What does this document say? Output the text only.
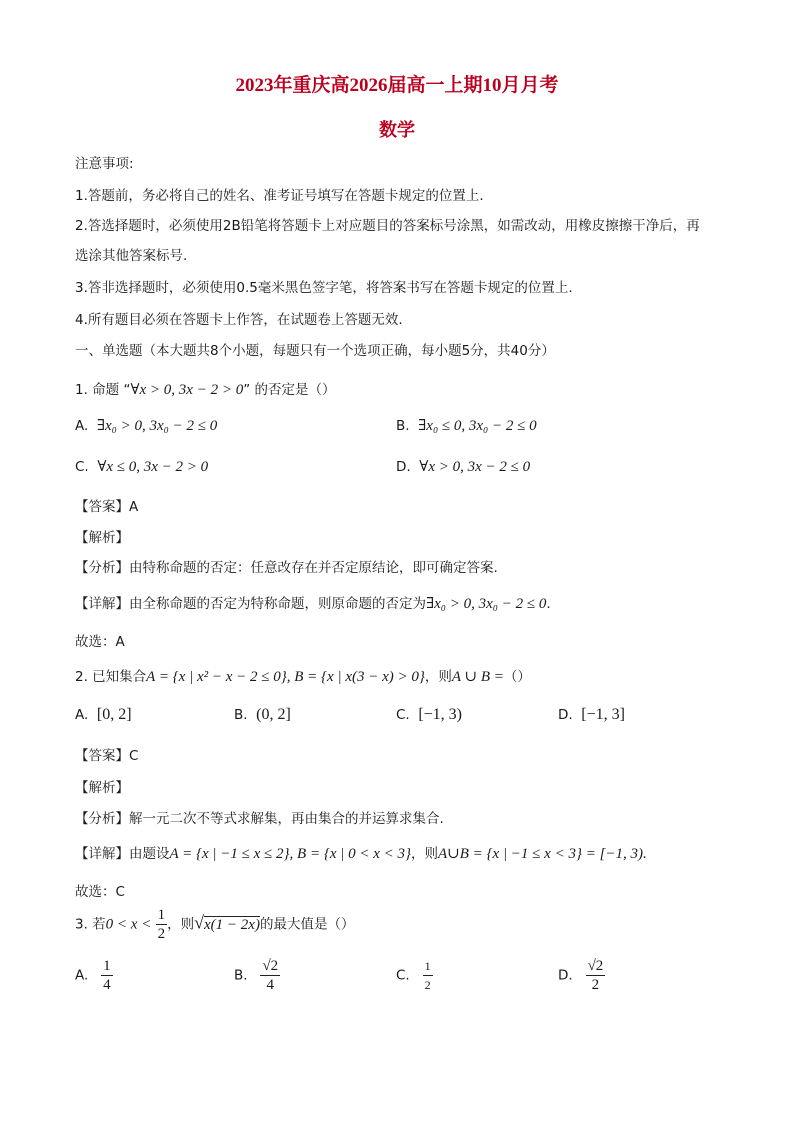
2023年重庆高2026届高一上期10月月考
数学
注意事项:
1.答题前，务必将自己的姓名、准考证号填写在答题卡规定的位置上.
2.答选择题时，必须使用2B铅笔将答题卡上对应题目的答案标号涂黑，如需改动，用橡皮擦擦干净后，再
选涂其他答案标号.
3.答非选择题时，必须使用0.5毫米黑色签字笔，将答案书写在答题卡规定的位置上.
4.所有题目必须在答题卡上作答，在试题卷上答题无效.
一、单选题（本大题共8个小题，每题只有一个选项正确，每小题5分，共40分）
1. 命题 “∀x > 0, 3x − 2 > 0” 的否定是（）
A. ∃x₀ > 0, 3x₀ − 2 ≤ 0	B. ∃x₀ ≤ 0, 3x₀ − 2 ≤ 0
C. ∀x ≤ 0, 3x − 2 > 0	D. ∀x > 0, 3x − 2 ≤ 0
【答案】A
【解析】
【分析】由特称命题的否定：任意改存在并否定原结论，即可确定答案.
【详解】由全称命题的否定为特称命题，则原命题的否定为∃x₀ > 0, 3x₀ − 2 ≤ 0.
故选：A
2. 已知集合A = {x | x² − x − 2 ≤ 0}, B = {x | x(3 − x) > 0}，则A ∪ B =（）
A. [0, 2]	B. (0, 2]	C. [−1, 3)	D. [−1, 3]
【答案】C
【解析】
【分析】解一元二次不等式求解集，再由集合的并运算求集合.
【详解】由题设A = {x | −1 ≤ x ≤ 2}, B = {x | 0 < x < 3}，则A∪B = {x | −1 ≤ x < 3} = [−1, 3).
故选：C
3. 若$0 < x < \frac{1}{2}$ ，则√x(1 − 2x)的最大值是（）
A. $\frac{1}{4}$	B. $\frac{√2}{4}$	C. $\frac{1}{2}$	D. $\frac{√2}{2}$
